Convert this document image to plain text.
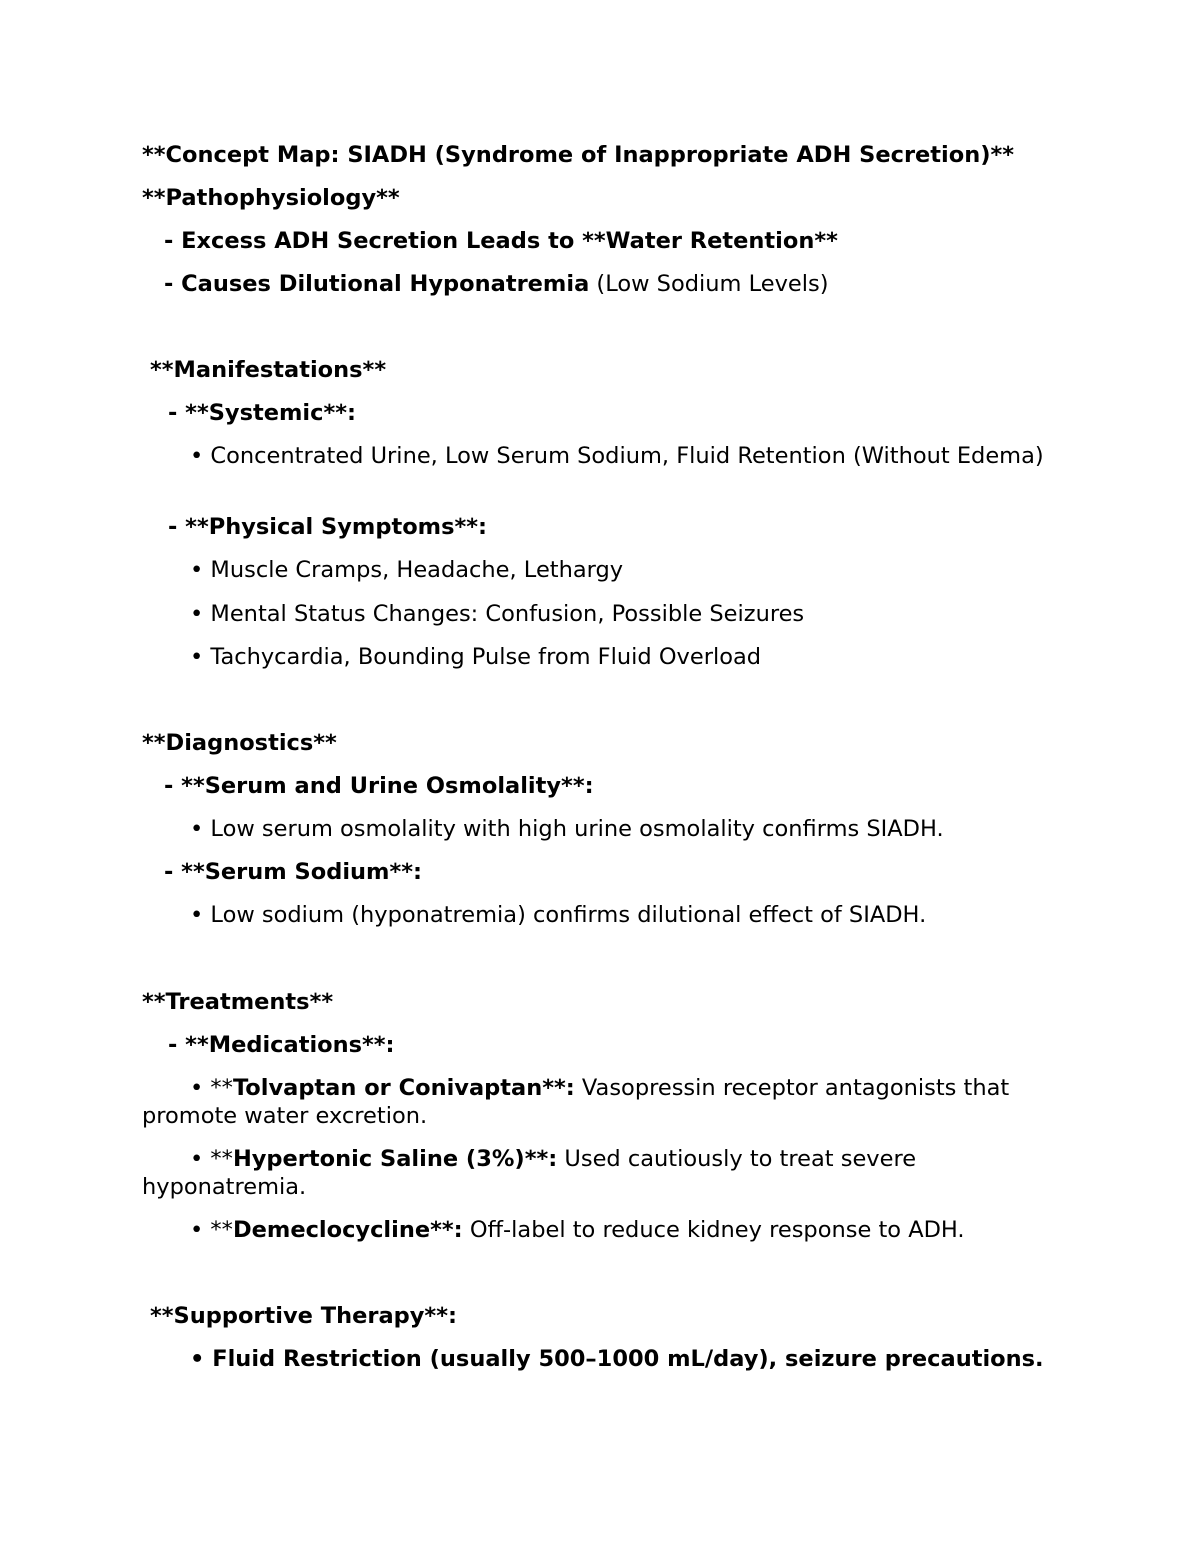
**Concept Map: SIADH (Syndrome of Inappropriate ADH Secretion)**

**Pathophysiology**

- Excess ADH Secretion Leads to **Water Retention**

- Causes Dilutional Hyponatremia (Low Sodium Levels)

**Manifestations**

- **Systemic**:

• Concentrated Urine, Low Serum Sodium, Fluid Retention (Without Edema)

- **Physical Symptoms**:

• Muscle Cramps, Headache, Lethargy

• Mental Status Changes: Confusion, Possible Seizures

• Tachycardia, Bounding Pulse from Fluid Overload

**Diagnostics**

- **Serum and Urine Osmolality**:

• Low serum osmolality with high urine osmolality confirms SIADH.

- **Serum Sodium**:

• Low sodium (hyponatremia) confirms dilutional effect of SIADH.

**Treatments**

- **Medications**:

• **Tolvaptan or Conivaptan**: Vasopressin receptor antagonists that promote water excretion.

• **Hypertonic Saline (3%)**: Used cautiously to treat severe hyponatremia.

• **Demeclocycline**: Off-label to reduce kidney response to ADH.

**Supportive Therapy**:

• Fluid Restriction (usually 500–1000 mL/day), seizure precautions.
